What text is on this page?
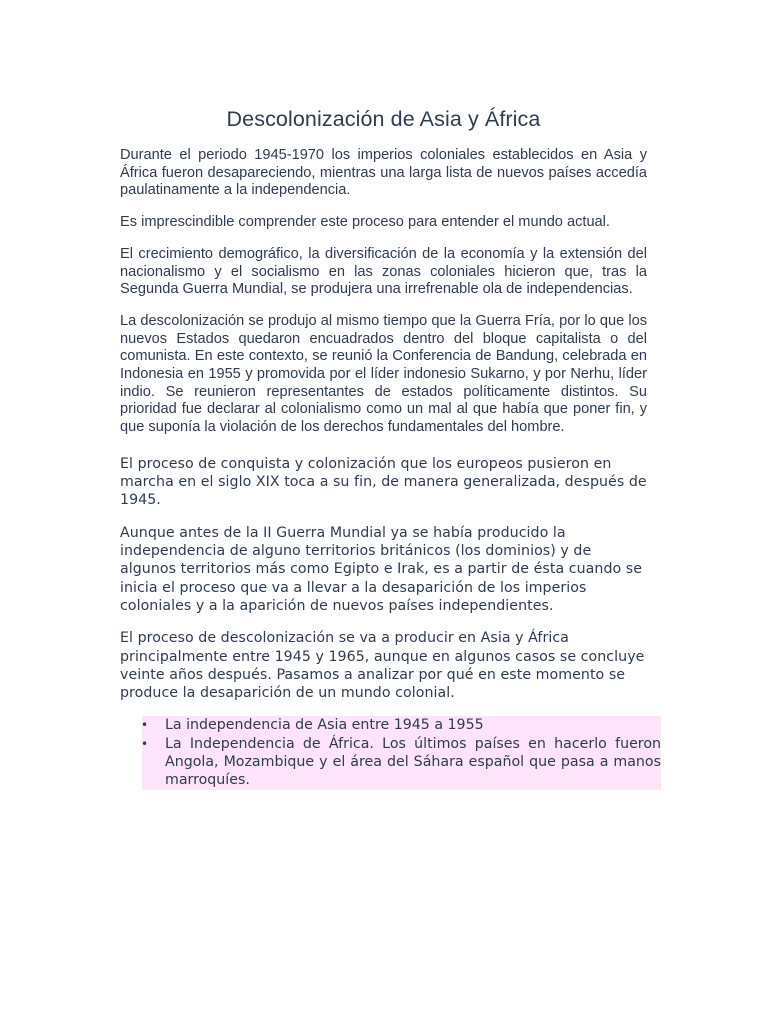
Descolonización de Asia y África

Durante el periodo 1945-1970 los imperios coloniales establecidos en Asia y África fueron desapareciendo, mientras una larga lista de nuevos países accedía paulatinamente a la independencia.

Es imprescindible comprender este proceso para entender el mundo actual.

El crecimiento demográfico, la diversificación de la economía y la extensión del nacionalismo y el socialismo en las zonas coloniales hicieron que, tras la Segunda Guerra Mundial, se produjera una irrefrenable ola de independencias.

La descolonización se produjo al mismo tiempo que la Guerra Fría, por lo que los nuevos Estados quedaron encuadrados dentro del bloque capitalista o del comunista. En este contexto, se reunió la Conferencia de Bandung, celebrada en Indonesia en 1955 y promovida por el líder indonesio Sukarno, y por Nerhu, líder indio. Se reunieron representantes de estados políticamente distintos. Su prioridad fue declarar al colonialismo como un mal al que había que poner fin, y que suponía la violación de los derechos fundamentales del hombre.

El proceso de conquista y colonización que los europeos pusieron en marcha en el siglo XIX toca a su fin, de manera generalizada, después de 1945.

Aunque antes de la II Guerra Mundial ya se había producido la independencia de alguno territorios británicos (los dominios) y de algunos territorios más como Egipto e Irak, es a partir de ésta cuando se inicia el proceso que va a llevar a la desaparición de los imperios coloniales y a la aparición de nuevos países independientes.

El proceso de descolonización se va a producir en Asia y África principalmente entre 1945 y 1965, aunque en algunos casos se concluye veinte años después. Pasamos a analizar por qué en este momento se produce la desaparición de un mundo colonial.

• La independencia de Asia entre 1945 a 1955
• La Independencia de África. Los últimos países en hacerlo fueron Angola, Mozambique y el área del Sáhara español que pasa a manos marroquíes.
